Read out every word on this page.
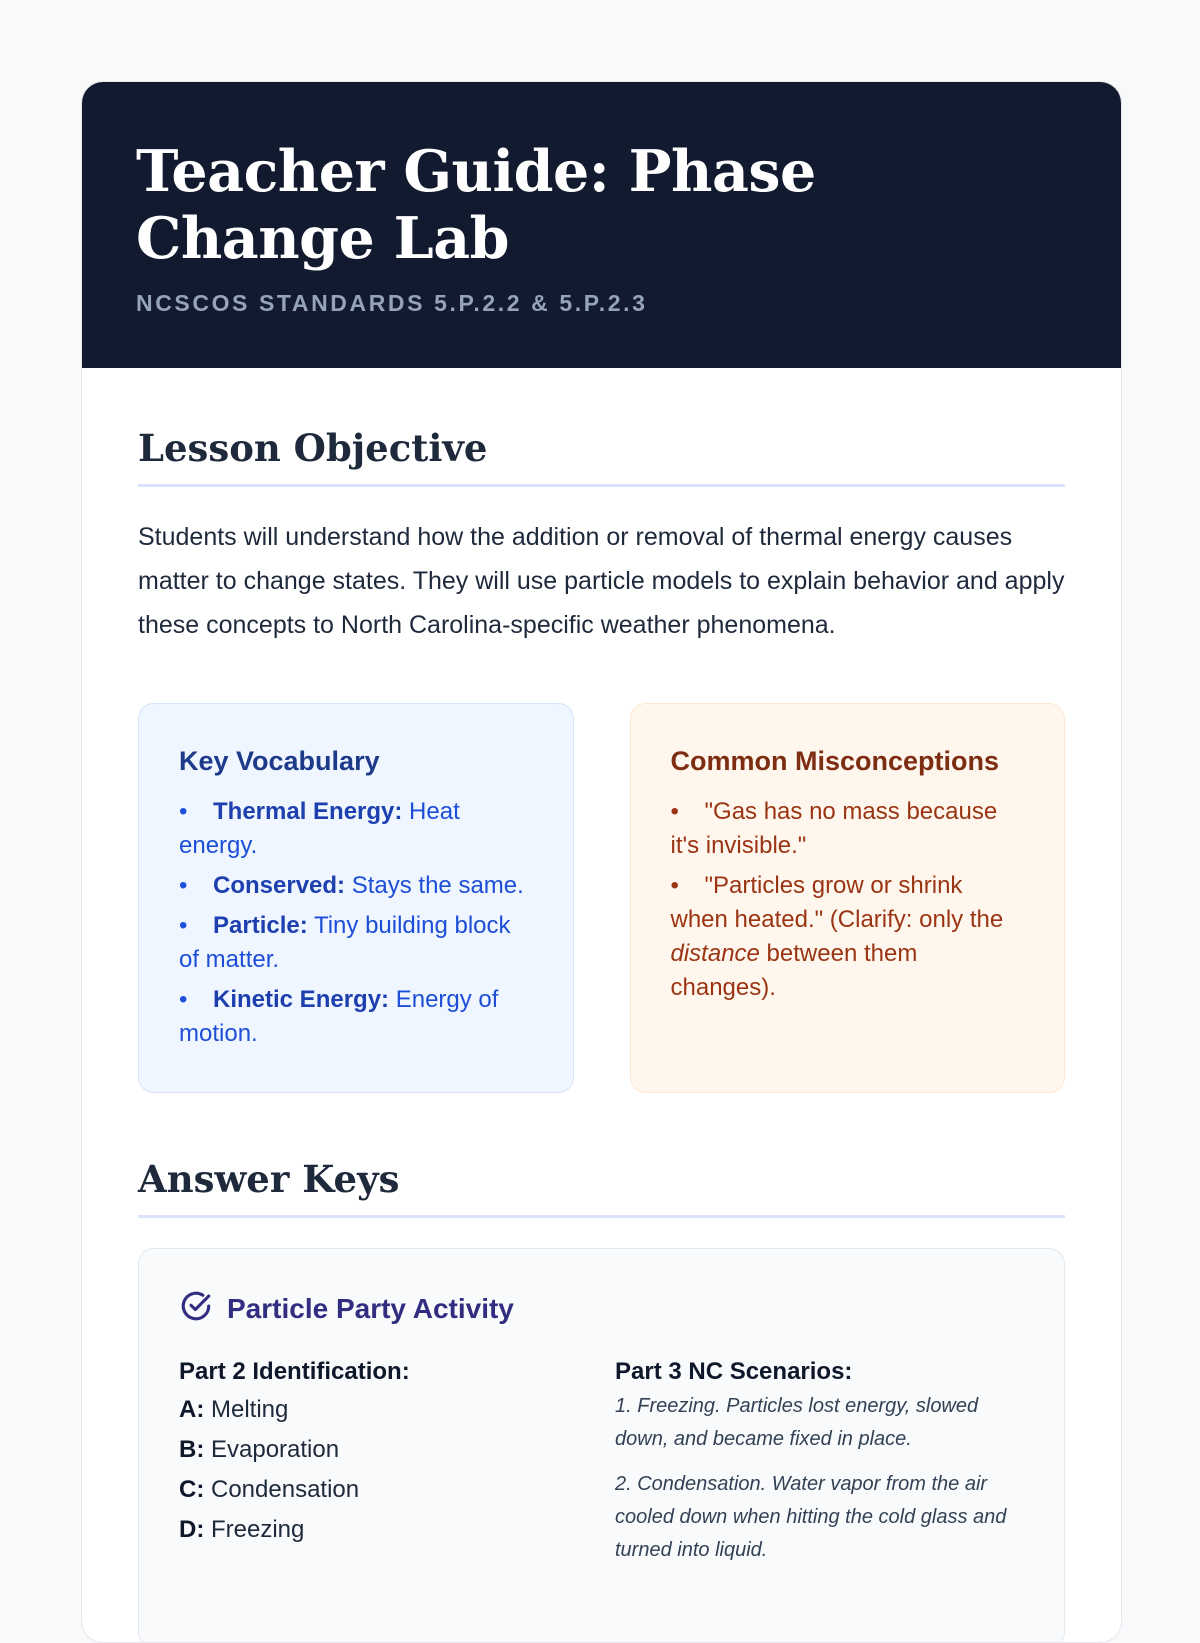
Teacher Guide: Phase Change Lab
NCSCOS STANDARDS 5.P.2.2 & 5.P.2.3
Lesson Objective

Students will understand how the addition or removal of thermal energy causes matter to change states. They will use particle models to explain behavior and apply these concepts to North Carolina-specific weather phenomena.

Key Vocabulary
• Thermal Energy: Heat energy.
• Conserved: Stays the same.
• Particle: Tiny building block of matter.
• Kinetic Energy: Energy of motion.
Common Misconceptions
• "Gas has no mass because it's invisible."
• "Particles grow or shrink when heated." (Clarify: only the distance between them changes).
Answer Keys
Particle Party Activity
Part 2 Identification:
A: Melting
B: Evaporation
C: Condensation
D: Freezing
Part 3 NC Scenarios:

1. Freezing. Particles lost energy, slowed down, and became fixed in place.

2. Condensation. Water vapor from the air cooled down when hitting the cold glass and turned into liquid.
